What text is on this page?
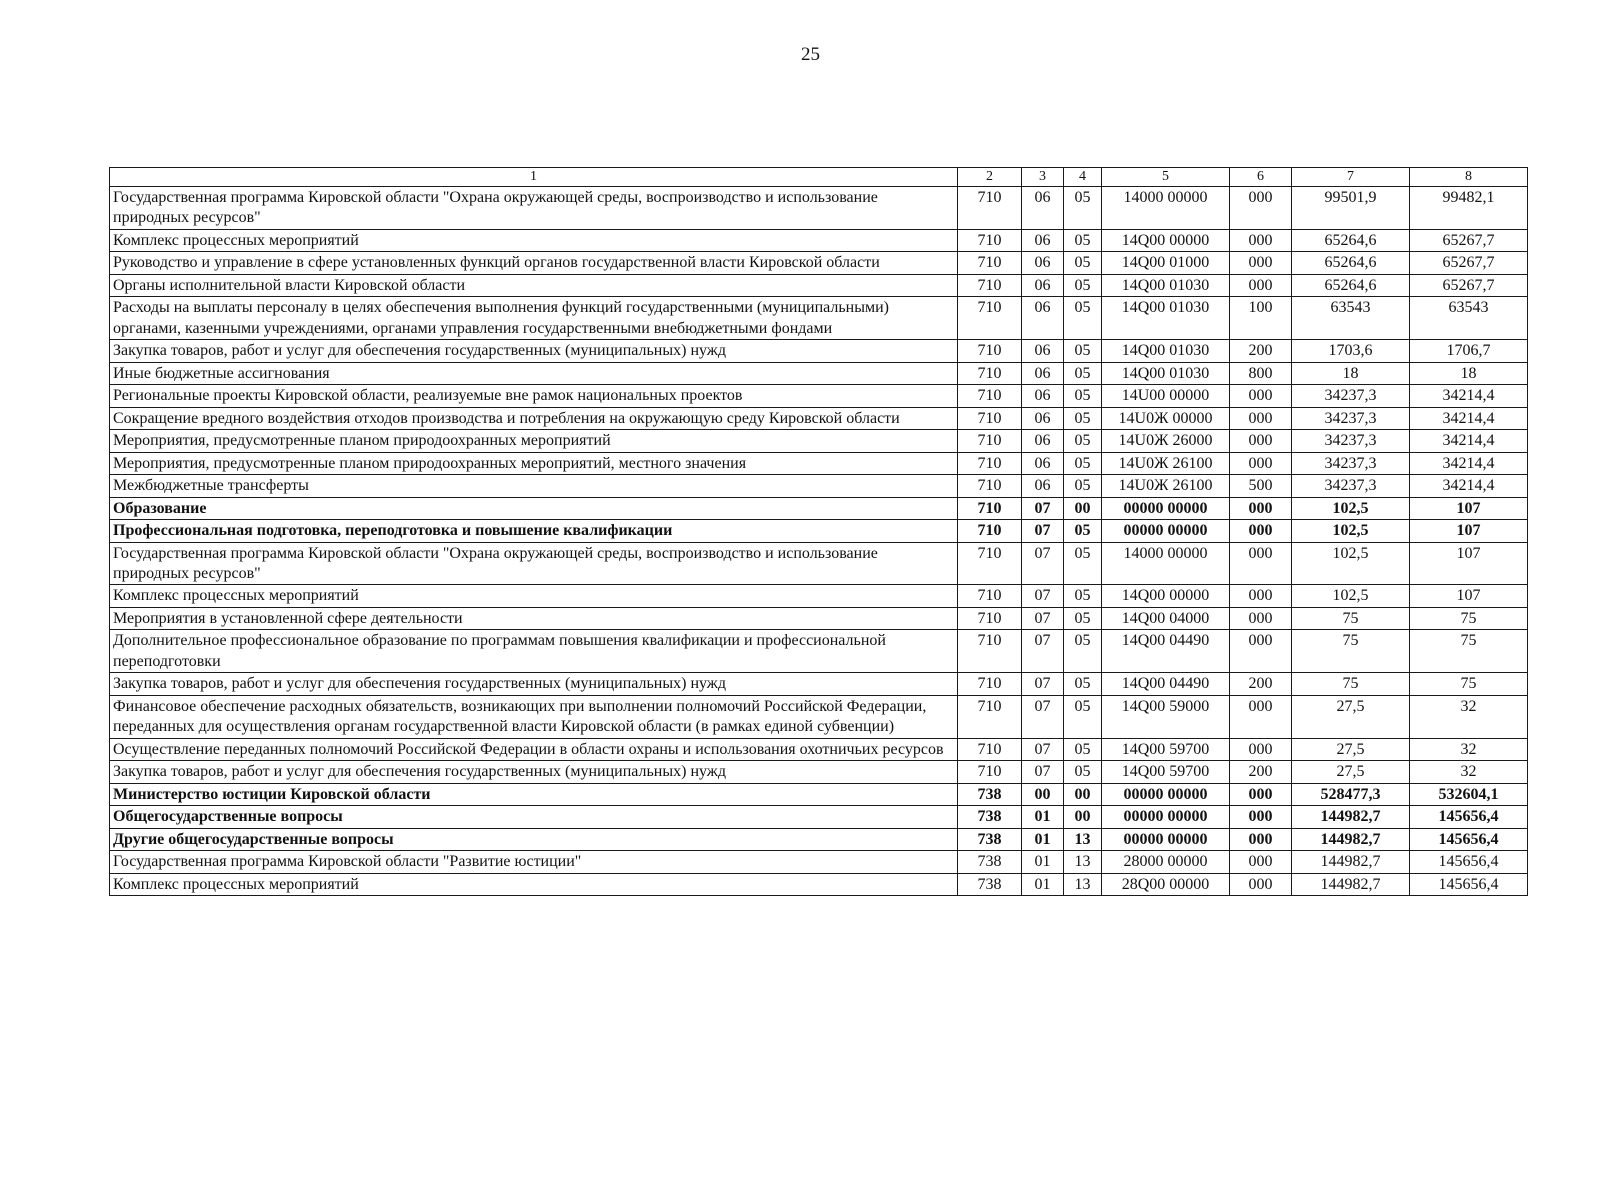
25
1	2	3	4	5	6	7	8
Государственная программа Кировской области "Охрана окружающей среды, воспроизводство и использование природных ресурсов"	710	06	05	14000 00000	000	99501,9	99482,1
Комплекс процессных мероприятий	710	06	05	14Q00 00000	000	65264,6	65267,7
Руководство и управление в сфере установленных функций органов государственной власти Кировской области	710	06	05	14Q00 01000	000	65264,6	65267,7
Органы исполнительной власти Кировской области	710	06	05	14Q00 01030	000	65264,6	65267,7
Расходы на выплаты персоналу в целях обеспечения выполнения функций государственными (муниципальными) органами, казенными учреждениями, органами управления государственными внебюджетными фондами	710	06	05	14Q00 01030	100	63543	63543
Закупка товаров, работ и услуг для обеспечения государственных (муниципальных) нужд	710	06	05	14Q00 01030	200	1703,6	1706,7
Иные бюджетные ассигнования	710	06	05	14Q00 01030	800	18	18
Региональные проекты Кировской области, реализуемые вне рамок национальных проектов	710	06	05	14U00 00000	000	34237,3	34214,4
Сокращение вредного воздействия отходов производства и потребления на окружающую среду Кировской области	710	06	05	14U0Ж 00000	000	34237,3	34214,4
Мероприятия, предусмотренные планом природоохранных мероприятий	710	06	05	14U0Ж 26000	000	34237,3	34214,4
Мероприятия, предусмотренные планом природоохранных мероприятий, местного значения	710	06	05	14U0Ж 26100	000	34237,3	34214,4
Межбюджетные трансферты	710	06	05	14U0Ж 26100	500	34237,3	34214,4
Образование	710	07	00	00000 00000	000	102,5	107
Профессиональная подготовка, переподготовка и повышение квалификации	710	07	05	00000 00000	000	102,5	107
Государственная программа Кировской области "Охрана окружающей среды, воспроизводство и использование природных ресурсов"	710	07	05	14000 00000	000	102,5	107
Комплекс процессных мероприятий	710	07	05	14Q00 00000	000	102,5	107
Мероприятия в установленной сфере деятельности	710	07	05	14Q00 04000	000	75	75
Дополнительное профессиональное образование по программам повышения квалификации и профессиональной переподготовки	710	07	05	14Q00 04490	000	75	75
Закупка товаров, работ и услуг для обеспечения государственных (муниципальных) нужд	710	07	05	14Q00 04490	200	75	75
Финансовое обеспечение расходных обязательств, возникающих при выполнении полномочий Российской Федерации, переданных для осуществления органам государственной власти Кировской области (в рамках единой субвенции)	710	07	05	14Q00 59000	000	27,5	32
Осуществление переданных полномочий Российской Федерации в области охраны и использования охотничьих ресурсов	710	07	05	14Q00 59700	000	27,5	32
Закупка товаров, работ и услуг для обеспечения государственных (муниципальных) нужд	710	07	05	14Q00 59700	200	27,5	32
Министерство юстиции Кировской области	738	00	00	00000 00000	000	528477,3	532604,1
Общегосударственные вопросы	738	01	00	00000 00000	000	144982,7	145656,4
Другие общегосударственные вопросы	738	01	13	00000 00000	000	144982,7	145656,4
Государственная программа Кировской области "Развитие юстиции"	738	01	13	28000 00000	000	144982,7	145656,4
Комплекс процессных мероприятий	738	01	13	28Q00 00000	000	144982,7	145656,4
